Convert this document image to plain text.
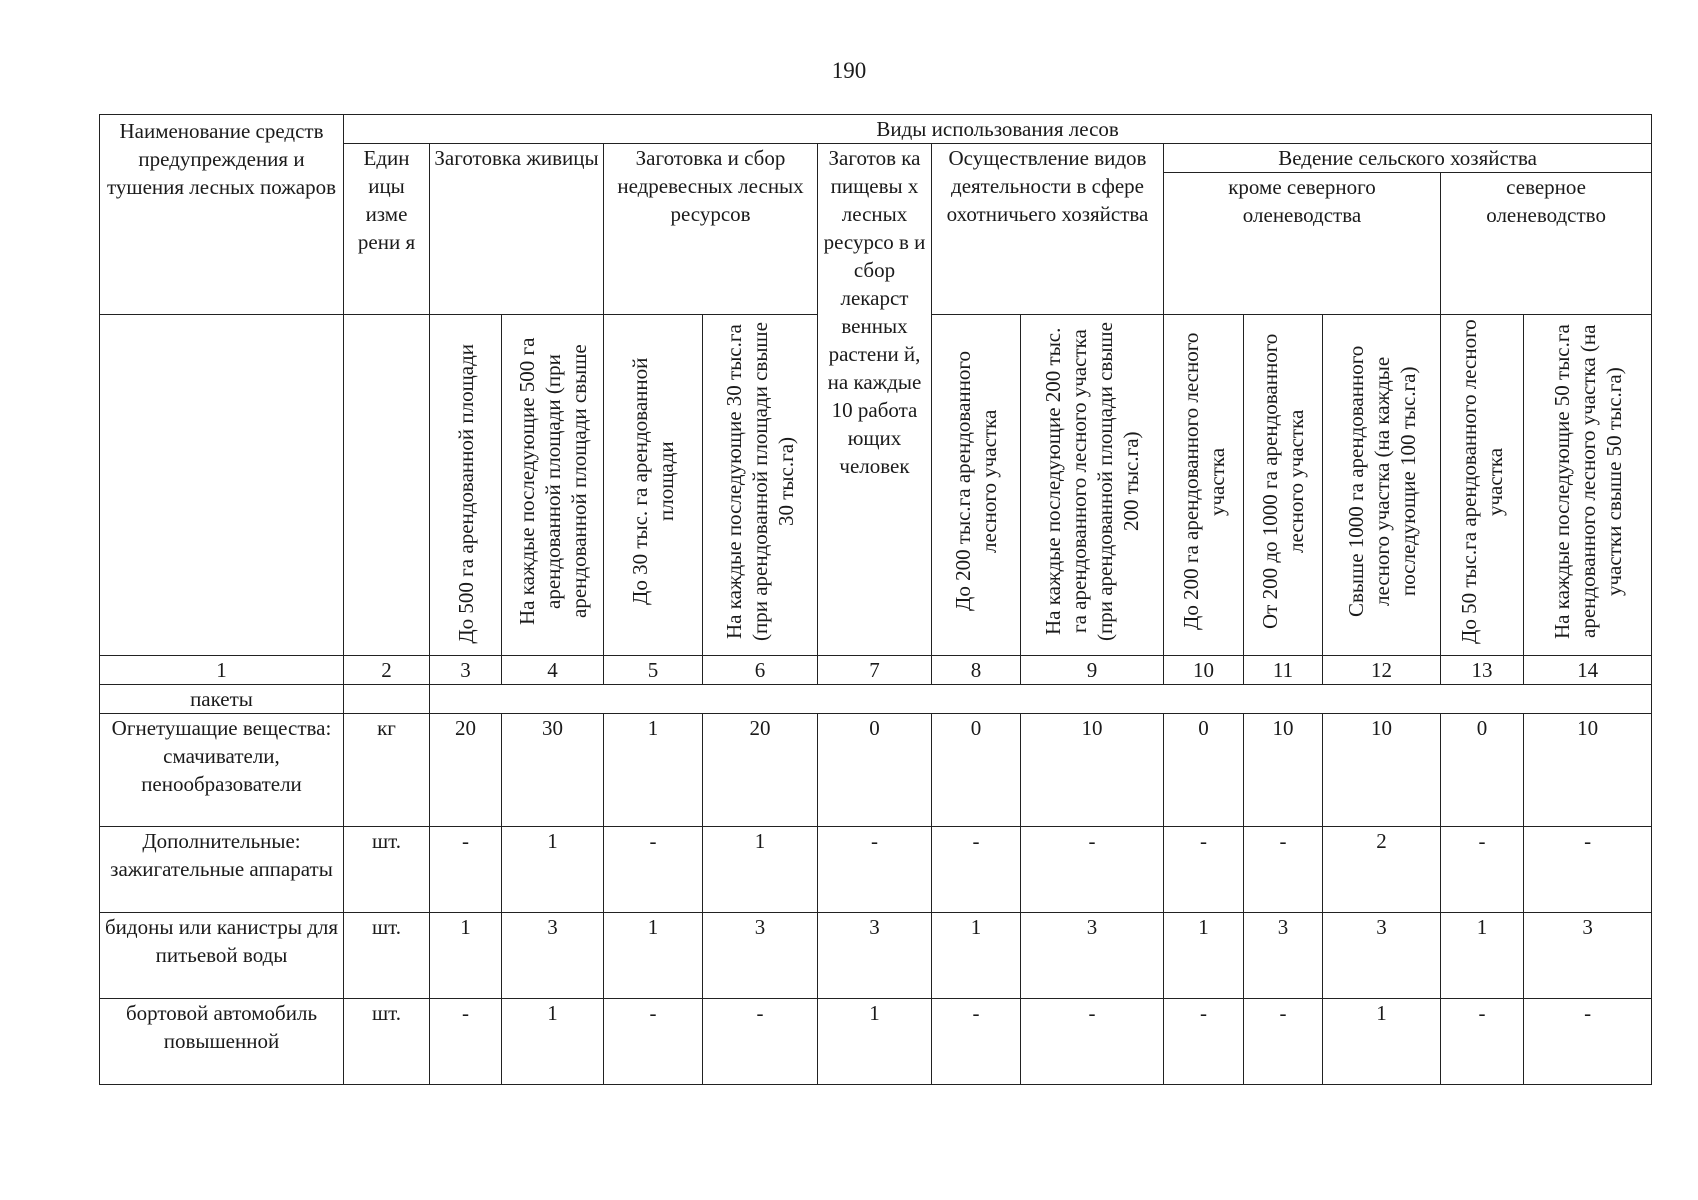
190
Наименование средств предупреждения и тушения лесных пожаров	Виды использования лесов												
	Един ицы изме рени я	Заготовка живицы		Заготовка и сбор недревесных лесных ресурсов		Заготов ка пищевы х лесных ресурсо в и сбор лекарст венных растени й, на каждые 10 работа ющих человек	Осуществление видов деятельности в сфере охотничьего хозяйства		Ведение сельского хозяйства				
									кроме северного оленеводства			северное оленеводство	
		До 500 га арендованной площади	На каждые последующие 500 га арендованной площади (при арендованной площади свыше	До 30 тыс. га арендованной площади	На каждые последующие 30 тыс.га (при арендованной площади свыше 30 тыс.га)		До 200 тыс.га арендованного лесного участка	На каждые последующие 200 тыс. га арендованного лесного участка (при арендованной площади свыше 200 тыс.га)	До 200 га арендованного лесного участка	От 200 до 1000 га арендованного лесного участка	Свыше 1000 га арендованного лесного участка (на каждые последующие 100 тыс.га)	До 50 тыс.га арендованного лесного участка	На каждые последующие 50 тыс.га арендованного лесного участка (на участки свыше 50 тыс.га)
1	2	3	4	5	6	7	8	9	10	11	12	13	14
пакеты													
Огнетушащие вещества: смачиватели, пенообразователи	кг	20	30	1	20	0	0	10	0	10	10	0	10
Дополнительные: зажигательные аппараты	шт.	-	1	-	1	-	-	-	-	-	2	-	-
бидоны или канистры для питьевой воды	шт.	1	3	1	3	3	1	3	1	3	3	1	3
бортовой автомобиль повышенной	шт.	-	1	-	-	1	-	-	-	-	1	-	-
